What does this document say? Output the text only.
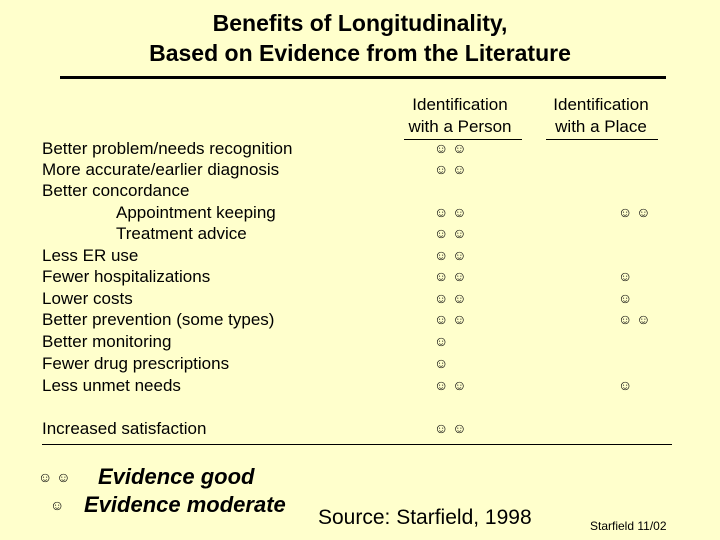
Benefits of Longitudinality,
Based on Evidence from the Literature
Identification
with a Person
Identification
with a Place
Better problem/needs recognition
More accurate/earlier diagnosis
Better concordance
Appointment keeping
Treatment advice
Less ER use
Fewer hospitalizations
Lower costs
Better prevention (some types)
Better monitoring
Fewer drug prescriptions
Less unmet needs
Increased satisfaction
☺☺
☺☺
☺☺
☺☺
☺☺
☺☺
☺☺
☺☺
☺
☺
☺☺
☺☺
☺☺
☺
☺
☺☺
☺
☺☺ Evidence good
☺ Evidence moderate
Source: Starfield, 1998	Starfield 11/02
